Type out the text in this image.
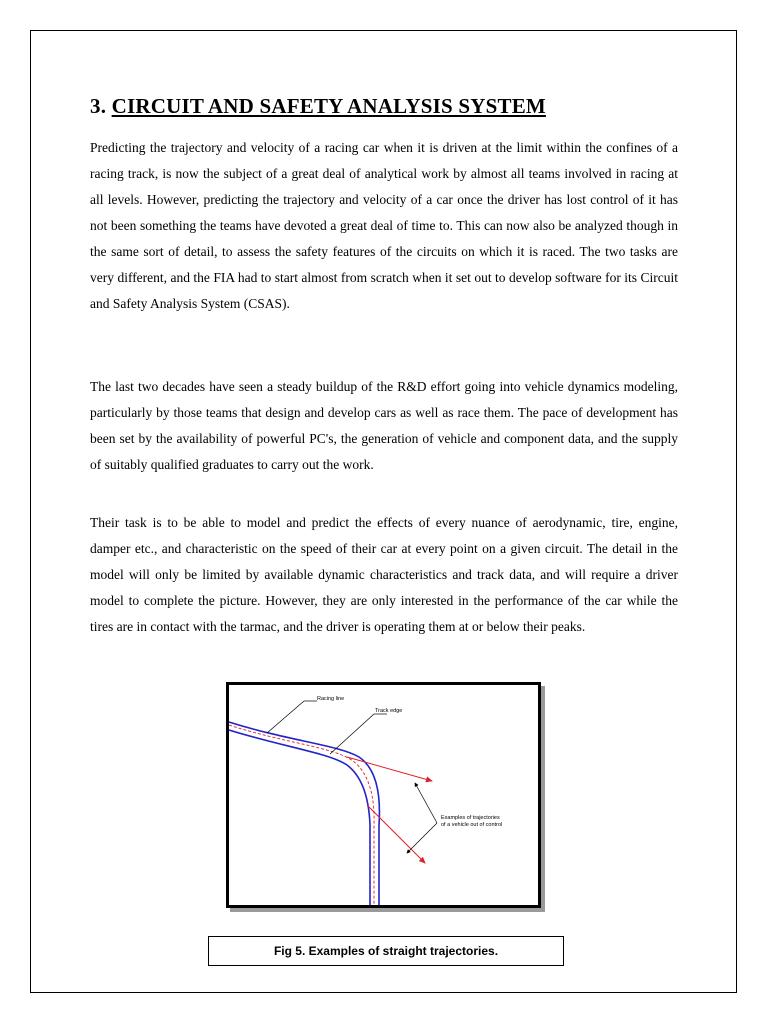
3. CIRCUIT AND SAFETY ANALYSIS SYSTEM

Predicting the trajectory and velocity of a racing car when it is driven at the limit within the confines of a racing track, is now the subject of a great deal of analytical work by almost all teams involved in racing at all levels. However, predicting the trajectory and velocity of a car once the driver has lost control of it has not been something the teams have devoted a great deal of time to. This can now also be analyzed though in the same sort of detail, to assess the safety features of the circuits on which it is raced. The two tasks are very different, and the FIA had to start almost from scratch when it set out to develop software for its Circuit and Safety Analysis System (CSAS).

The last two decades have seen a steady buildup of the R&D effort going into vehicle dynamics modeling, particularly by those teams that design and develop cars as well as race them. The pace of development has been set by the availability of powerful PC's, the generation of vehicle and component data, and the supply of suitably qualified graduates to carry out the work.

Their task is to be able to model and predict the effects of every nuance of aerodynamic, tire, engine, damper etc., and characteristic on the speed of their car at every point on a given circuit. The detail in the model will only be limited by available dynamic characteristics and track data, and will require a driver model to complete the picture. However, they are only interested in the performance of the car while the tires are in contact with the tarmac, and the driver is operating them at or below their peaks.

Racing line
Track edge
Examples of trajectories
of a vehicle out of control
Fig 5. Examples of straight trajectories.
